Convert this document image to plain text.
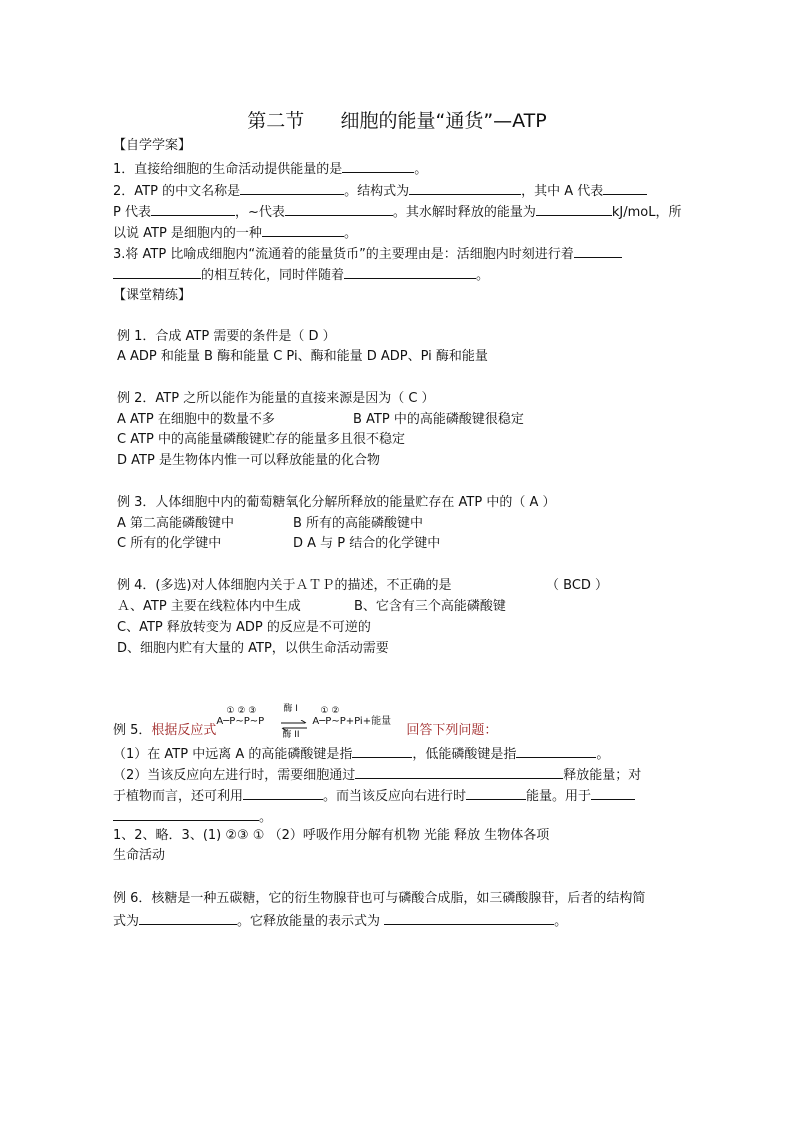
第二节      细胞的能量“通货”—ATP
【自学学案】
1．直接给细胞的生命活动提供能量的是	。
2．ATP 的中文名称是	。结构式为	，其中 A 代表
P 代表	，~代表	。其水解时释放的能量为	kJ/moL，所
以说 ATP 是细胞内的一种	。
3.将 ATP 比喻成细胞内“流通着的能量货币”的主要理由是：活细胞内时刻进行着
的相互转化，同时伴随着	。
【课堂精练】
例 1．合成 ATP 需要的条件是（ D ）
A ADP 和能量 B 酶和能量 C Pi、酶和能量 D ADP、Pi 酶和能量
例 2．ATP 之所以能作为能量的直接来源是因为（ C ）
A ATP 在细胞中的数量不多	B ATP 中的高能磷酸键很稳定
C ATP 中的高能量磷酸键贮存的能量多且很不稳定
D ATP 是生物体内惟一可以释放能量的化合物
例 3．人体细胞中内的葡萄糖氧化分解所释放的能量贮存在 ATP 中的（ A ）
A 第二高能磷酸键中	B 所有的高能磷酸键中
C 所有的化学键中	D A 与 P 结合的化学键中
例 4．(多选)对人体细胞内关于ＡＴＰ的描述，不正确的是	（ BCD ）
Ａ、ATP 主要在线粒体内中生成	B、它含有三个高能磷酸键
C、ATP 释放转变为 ADP 的反应是不可逆的
D、细胞内贮有大量的 ATP，以供生命活动需要
例 5．根据反应式
① ② ③
A─P~P~P
酶 I
酶 II
① ②
A─P~P+Pi+能量
回答下列问题：
（1）在 ATP 中远离 A 的高能磷酸键是指	，低能磷酸键是指	。
（2）当该反应向左进行时，需要细胞通过	释放能量；对
于植物而言，还可利用	。而当该反应向右进行时	能量。用于
。
1、2、略．3、(1) ②③ ① （2）呼吸作用分解有机物 光能 释放 生物体各项
生命活动
例 6．核糖是一种五碳糖，它的衍生物腺苷也可与磷酸合成脂，如三磷酸腺苷，后者的结构简
式为	。它释放能量的表示式为	。
